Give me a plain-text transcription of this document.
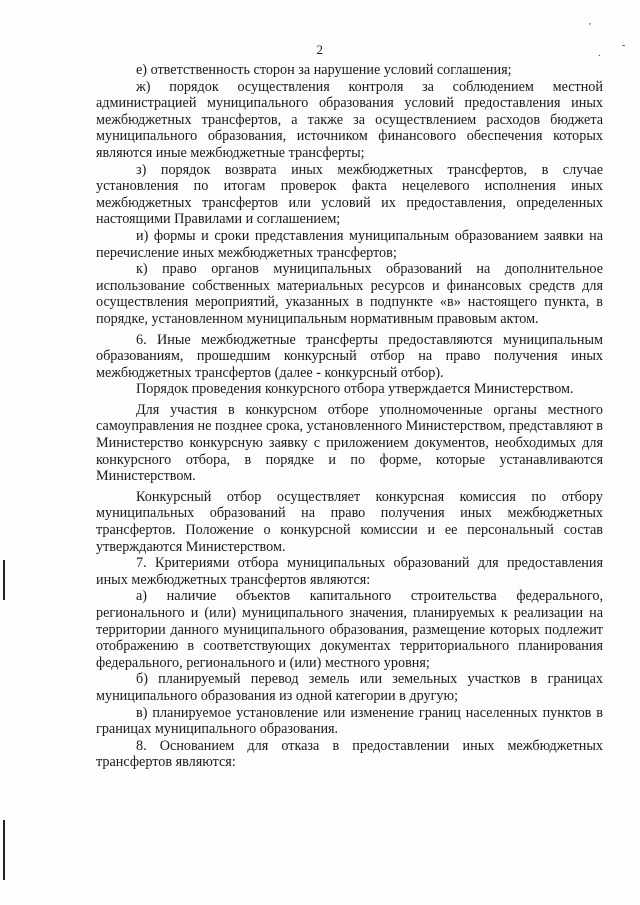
2
'
.
-

е) ответственность сторон за нарушение условий соглашения;

ж) порядок осуществления контроля за соблюдением местной администрацией муниципального образования условий предоставления иных межбюджетных трансфертов, а также за осуществлением расходов бюджета муниципального образования, источником финансового обеспечения которых являются иные межбюджетные трансферты;

з) порядок возврата иных межбюджетных трансфертов, в случае установления по итогам проверок факта нецелевого исполнения иных межбюджетных трансфертов или условий их предоставления, определенных настоящими Правилами и соглашением;

и) формы и сроки представления муниципальным образованием заявки на перечисление иных межбюджетных трансфертов;

к) право органов муниципальных образований на дополнительное использование собственных материальных ресурсов и финансовых средств для осуществления мероприятий, указанных в подпункте «в» настоящего пункта, в порядке, установленном муниципальным нормативным правовым актом.

6. Иные межбюджетные трансферты предоставляются муниципальным образованиям, прошедшим конкурсный отбор на право получения иных межбюджетных трансфертов (далее - конкурсный отбор).

Порядок проведения конкурсного отбора утверждается Министерством.

Для участия в конкурсном отборе уполномоченные органы местного самоуправления не позднее срока, установленного Министерством, представляют в Министерство конкурсную заявку с приложением документов, необходимых для конкурсного отбора, в порядке и по форме, которые устанавливаются Министерством.

Конкурсный отбор осуществляет конкурсная комиссия по отбору муниципальных образований на право получения иных межбюджетных трансфертов. Положение о конкурсной комиссии и ее персональный состав утверждаются Министерством.

7. Критериями отбора муниципальных образований для предоставления иных межбюджетных трансфертов являются:

а) наличие объектов капитального строительства федерального, регионального и (или) муниципального значения, планируемых к реализации на территории данного муниципального образования, размещение которых подлежит отображению в соответствующих документах территориального планирования федерального, регионального и (или) местного уровня;

б) планируемый перевод земель или земельных участков в границах муниципального образования из одной категории в другую;

в) планируемое установление или изменение границ населенных пунктов в границах муниципального образования.

8. Основанием для отказа в предоставлении иных межбюджетных трансфертов являются:
